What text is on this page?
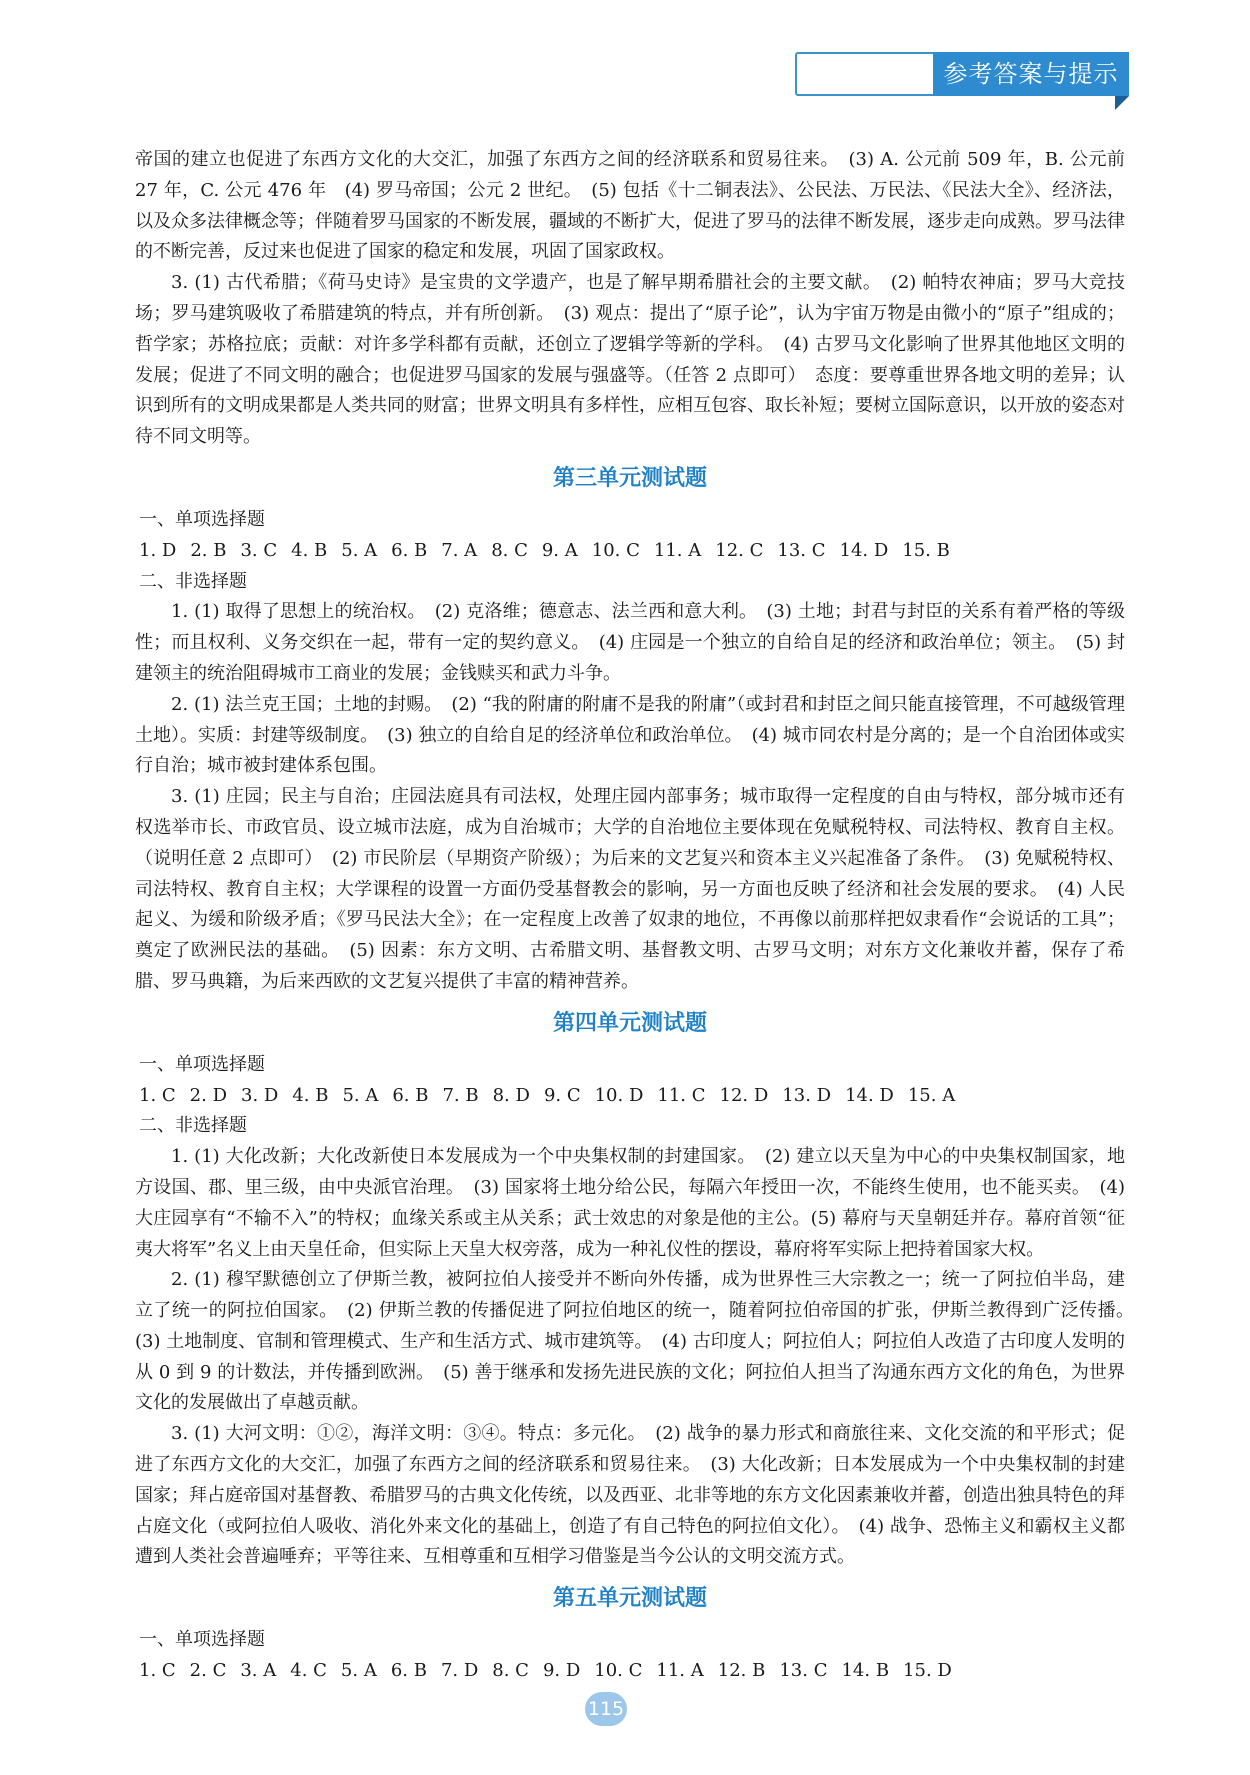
参考答案与提示

帝国的建立也促进了东西方文化的大交汇，加强了东西方之间的经济联系和贸易往来。　(3) A. 公元前 509 年，B. 公元前 27 年，C. 公元 476 年　(4) 罗马帝国；公元 2 世纪。　(5) 包括《十二铜表法》、公民法、万民法、《民法大全》、经济法，以及众多法律概念等；伴随着罗马国家的不断发展，疆域的不断扩大，促进了罗马的法律不断发展，逐步走向成熟。罗马法律的不断完善，反过来也促进了国家的稳定和发展，巩固了国家政权。

3. (1) 古代希腊；《荷马史诗》是宝贵的文学遗产，也是了解早期希腊社会的主要文献。　(2) 帕特农神庙；罗马大竞技场；罗马建筑吸收了希腊建筑的特点，并有所创新。　(3) 观点：提出了“原子论”，认为宇宙万物是由微小的“原子”组成的；哲学家；苏格拉底；贡献：对许多学科都有贡献，还创立了逻辑学等新的学科。　(4) 古罗马文化影响了世界其他地区文明的发展；促进了不同文明的融合；也促进罗马国家的发展与强盛等。（任答 2 点即可）　态度：要尊重世界各地文明的差异；认识到所有的文明成果都是人类共同的财富；世界文明具有多样性，应相互包容、取长补短；要树立国际意识，以开放的姿态对待不同文明等。

第三单元测试题

一、单项选择题

1. D 2. B 3. C 4. B 5. A 6. B 7. A 8. C 9. A 10. C 11. A 12. C 13. C 14. D 15. B

二、非选择题

1. (1) 取得了思想上的统治权。　(2) 克洛维；德意志、法兰西和意大利。　(3) 土地；封君与封臣的关系有着严格的等级性；而且权利、义务交织在一起，带有一定的契约意义。　(4) 庄园是一个独立的自给自足的经济和政治单位；领主。　(5) 封建领主的统治阻碍城市工商业的发展；金钱赎买和武力斗争。

2. (1) 法兰克王国；土地的封赐。　(2) “我的附庸的附庸不是我的附庸”（或封君和封臣之间只能直接管理，不可越级管理土地）。实质：封建等级制度。　(3) 独立的自给自足的经济单位和政治单位。　(4) 城市同农村是分离的；是一个自治团体或实行自治；城市被封建体系包围。

3. (1) 庄园；民主与自治；庄园法庭具有司法权，处理庄园内部事务；城市取得一定程度的自由与特权，部分城市还有权选举市长、市政官员、设立城市法庭，成为自治城市；大学的自治地位主要体现在免赋税特权、司法特权、教育自主权。（说明任意 2 点即可）　(2) 市民阶层（早期资产阶级）；为后来的文艺复兴和资本主义兴起准备了条件。　(3) 免赋税特权、司法特权、教育自主权；大学课程的设置一方面仍受基督教会的影响，另一方面也反映了经济和社会发展的要求。　(4) 人民起义、为缓和阶级矛盾；《罗马民法大全》；在一定程度上改善了奴隶的地位，不再像以前那样把奴隶看作“会说话的工具”；奠定了欧洲民法的基础。　(5) 因素：东方文明、古希腊文明、基督教文明、古罗马文明；对东方文化兼收并蓄，保存了希腊、罗马典籍，为后来西欧的文艺复兴提供了丰富的精神营养。

第四单元测试题

一、单项选择题

1. C 2. D 3. D 4. B 5. A 6. B 7. B 8. D 9. C 10. D 11. C 12. D 13. D 14. D 15. A

二、非选择题

1. (1) 大化改新；大化改新使日本发展成为一个中央集权制的封建国家。　(2) 建立以天皇为中心的中央集权制国家，地方设国、郡、里三级，由中央派官治理。　(3) 国家将土地分给公民，每隔六年授田一次，不能终生使用，也不能买卖。　(4) 大庄园享有“不输不入”的特权；血缘关系或主从关系；武士效忠的对象是他的主公。(5) 幕府与天皇朝廷并存。幕府首领“征夷大将军”名义上由天皇任命，但实际上天皇大权旁落，成为一种礼仪性的摆设，幕府将军实际上把持着国家大权。

2. (1) 穆罕默德创立了伊斯兰教，被阿拉伯人接受并不断向外传播，成为世界性三大宗教之一；统一了阿拉伯半岛，建立了统一的阿拉伯国家。　(2) 伊斯兰教的传播促进了阿拉伯地区的统一，随着阿拉伯帝国的扩张，伊斯兰教得到广泛传播。　(3) 土地制度、官制和管理模式、生产和生活方式、城市建筑等。　(4) 古印度人；阿拉伯人；阿拉伯人改造了古印度人发明的从 0 到 9 的计数法，并传播到欧洲。　(5) 善于继承和发扬先进民族的文化；阿拉伯人担当了沟通东西方文化的角色，为世界文化的发展做出了卓越贡献。

3. (1) 大河文明：①②，海洋文明：③④。特点：多元化。　(2) 战争的暴力形式和商旅往来、文化交流的和平形式；促进了东西方文化的大交汇，加强了东西方之间的经济联系和贸易往来。　(3) 大化改新；日本发展成为一个中央集权制的封建国家；拜占庭帝国对基督教、希腊罗马的古典文化传统，以及西亚、北非等地的东方文化因素兼收并蓄，创造出独具特色的拜占庭文化（或阿拉伯人吸收、消化外来文化的基础上，创造了有自己特色的阿拉伯文化）。　(4) 战争、恐怖主义和霸权主义都遭到人类社会普遍唾弃；平等往来、互相尊重和互相学习借鉴是当今公认的文明交流方式。

第五单元测试题

一、单项选择题

1. C 2. C 3. A 4. C 5. A 6. B 7. D 8. C 9. D 10. C 11. A 12. B 13. C 14. B 15. D
115
